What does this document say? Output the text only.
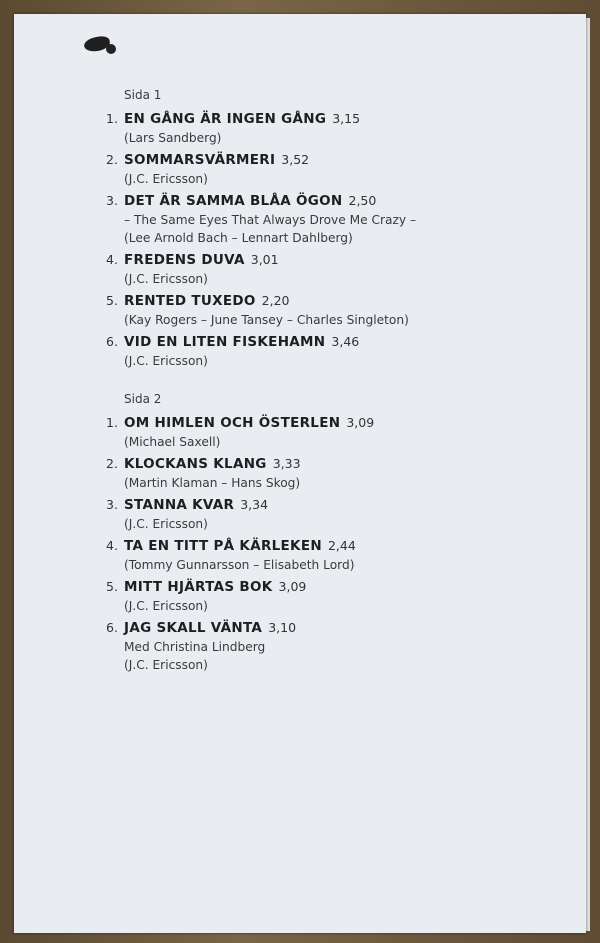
Sida 1
1. EN GÅNG ÄR INGEN GÅNG 3,15
(Lars Sandberg)
2. SOMMARSVÄRMERI 3,52
(J.C. Ericsson)
3. DET ÄR SAMMA BLÅA ÖGON 2,50
– The Same Eyes That Always Drove Me Crazy –
(Lee Arnold Bach – Lennart Dahlberg)
4. FREDENS DUVA 3,01
(J.C. Ericsson)
5. RENTED TUXEDO 2,20
(Kay Rogers – June Tansey – Charles Singleton)
6. VID EN LITEN FISKEHAMN 3,46
(J.C. Ericsson)
Sida 2
1. OM HIMLEN OCH ÖSTERLEN 3,09
(Michael Saxell)
2. KLOCKANS KLANG 3,33
(Martin Klaman – Hans Skog)
3. STANNA KVAR 3,34
(J.C. Ericsson)
4. TA EN TITT PÅ KÄRLEKEN 2,44
(Tommy Gunnarsson – Elisabeth Lord)
5. MITT HJÄRTAS BOK 3,09
(J.C. Ericsson)
6. JAG SKALL VÄNTA 3,10
Med Christina Lindberg
(J.C. Ericsson)
